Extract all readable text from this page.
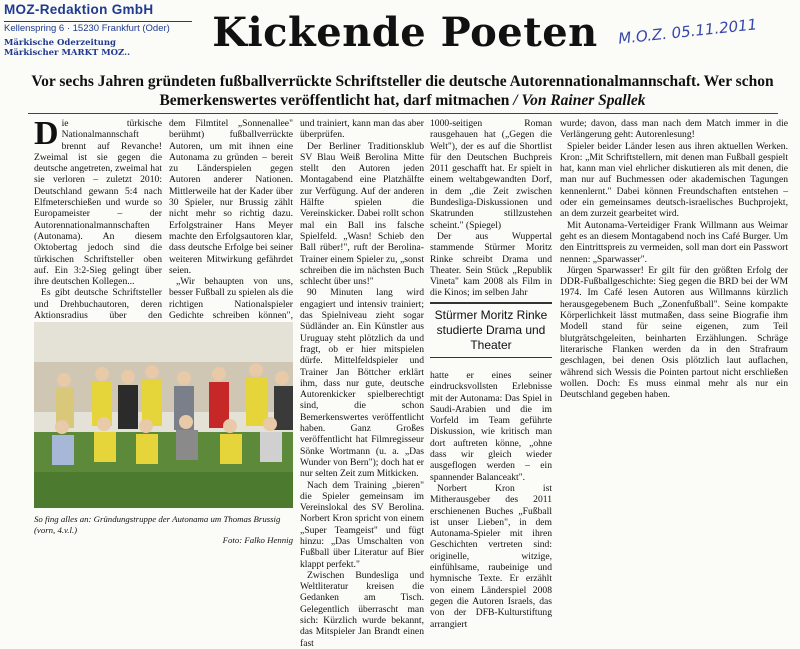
MOZ-Redaktion GmbH
Kellenspring 6 · 15230 Frankfurt (Oder)
Märkische Oderzeitung
Märkischer MARKT MOZ..	Kickende Poeten	M.O.Z. 05.11.2011
Vor sechs Jahren gründeten fußballverrückte Schriftsteller die deutsche Autorennationalmannschaft. Wer schon Bemerkenswertes veröffentlicht hat, darf mitmachen / Von Rainer Spallek

Die türkische Nationalmannschaft brennt auf Revanche! Zweimal ist sie gegen die deutsche angetreten, zweimal hat sie verloren – zuletzt 2010: Deutschland gewann 5:4 nach Elfmeterschießen und wurde so Europameister – der Autorennationalmannschaften (Autonama). An diesem Oktobertag jedoch sind die türkischen Schriftsteller oben auf. Ein 3:2-Sieg gelingt über ihre deutschen Kollegen...

Es gibt deutsche Schriftsteller und Drehbuchautoren, deren Aktionsradius über den

dem Filmtitel „Sonnenallee" berühmt) fußballverrückte Autoren, um mit ihnen eine Autonama zu gründen – bereit zu Länderspielen gegen Autoren anderer Nationen. Mittlerweile hat der Kader über 30 Spieler, nur Brussig zählt nicht mehr so richtig dazu. Erfolgstrainer Hans Meyer machte den Erfolgsautoren klar, dass deutsche Erfolge bei seiner weiteren Mitwirkung gefährdet seien.

„Wir behaupten von uns, besser Fußball zu spielen als die richtigen Nationalspieler Gedichte schreiben können",

und trainiert, kann man das aber überprüfen.

Der Berliner Traditionsklub SV Blau Weiß Berolina Mitte stellt den Autoren jeden Montagabend eine Platzhälfte zur Verfügung. Auf der anderen Hälfte spielen die Vereinskicker. Dabei rollt schon mal ein Ball ins falsche Spielfeld. „Wasn! Schieb den Ball rüber!", ruft der Berolina-Trainer einem Spieler zu, „sonst schreiben die im nächsten Buch schlecht über uns!"

90 Minuten lang wird engagiert und intensiv trainiert; das Spielniveau zieht sogar Südländer an. Ein Künstler aus Uruguay steht plötzlich da und fragt, ob er hier mitspielen dürfe. Mittelfeldspieler und Trainer Jan Böttcher erklärt ihm, dass nur gute, deutsche Autorenkicker spielberechtigt sind, die schon Bemerkenswertes veröffentlicht haben. Ganz Großes veröffentlicht hat Filmregisseur Sönke Wortmann (u. a. „Das Wunder von Bern"); doch hat er nur selten Zeit zum Mitkicken.

Nach dem Training „bieren" die Spieler gemeinsam im Vereinslokal des SV Berolina. Norbert Kron spricht von einem „Super Teamgeist" und fügt hinzu: „Das Umschalten von Fußball über Literatur auf Bier klappt perfekt."

Zwischen Bundesliga und Weltliteratur kreisen die Gedanken am Tisch. Gelegentlich überrascht man sich: Kürzlich wurde bekannt, das Mitspieler Jan Brandt einen fast

1000-seitigen Roman rausgehauen hat („Gegen die Welt"), der es auf die Shortlist für den Deutschen Buchpreis 2011 geschafft hat. Er spielt in einem weltabgewandten Dorf, in dem „die Zeit zwischen Bundesliga-Diskussionen und Skatrunden stillzustehen scheint." (Spiegel)

Der aus Wuppertal stammende Stürmer Moritz Rinke schreibt Drama und Theater. Sein Stück „Republik Vineta" kam 2008 als Film in die Kinos; im selben Jahr

Stürmer Moritz Rinke studierte Drama und Theater

hatte er eines seiner eindrucksvollsten Erlebnisse mit der Autonama: Das Spiel in Saudi-Arabien und die im Vorfeld im Team geführte Diskussion, wie kritisch man dort auftreten könne, „ohne dass wir gleich wieder ausgeflogen werden – ein spannender Balanceakt".

Norbert Kron ist Mitherausgeber des 2011 erschienenen Buches „Fußball ist unser Lieben", in dem Autonama-Spieler mit ihren Geschichten vertreten sind: originelle, witzige, einfühlsame, raubeinige und hymnische Texte. Er erzählt von einem Länderspiel 2008 gegen die Autoren Israels, das von der DFB-Kulturstiftung arrangiert

wurde; davon, dass man nach dem Match immer in die Verlängerung geht: Autorenlesung!

Spieler beider Länder lesen aus ihren aktuellen Werken. Kron: „Mit Schriftstellern, mit denen man Fußball gespielt hat, kann man viel ehrlicher diskutieren als mit denen, die man nur auf Buchmessen oder akademischen Tagungen kennenlernt." Dabei können Freundschaften entstehen – oder ein gemeinsames deutsch-israelisches Buchprojekt, an dem zurzeit gearbeitet wird.

Mit Autonama-Verteidiger Frank Willmann aus Weimar geht es an diesem Montagabend noch ins Café Burger. Um den Eintrittspreis zu vermeiden, soll man dort ein Passwort nennen: „Sparwasser".

Jürgen Sparwasser! Er gilt für den größten Erfolg der DDR-Fußballgeschichte: Sieg gegen die BRD bei der WM 1974. Im Café lesen Autoren aus Willmanns kürzlich herausgegebenem Buch „Zonenfußball". Seine kompakte Körperlichkeit lässt mutmaßen, dass seine Biografie ihm Modell stand für seine eigenen, zum Teil blutgrätschgeleiten, beinharten Erzählungen. Schräge literarische Flanken werden da in den Strafraum geschlagen, bei denen Osis plötzlich laut auflachen, während sich Wessis die Pointen partout nicht erschließen wollen. Doch: Es muss einmal mehr als nur ein Deutschland gegeben haben.

So fing alles an: Gründungstruppe der Autonama um Thomas Brussig (vorn, 4.v.l.)
Foto: Falko Hennig
